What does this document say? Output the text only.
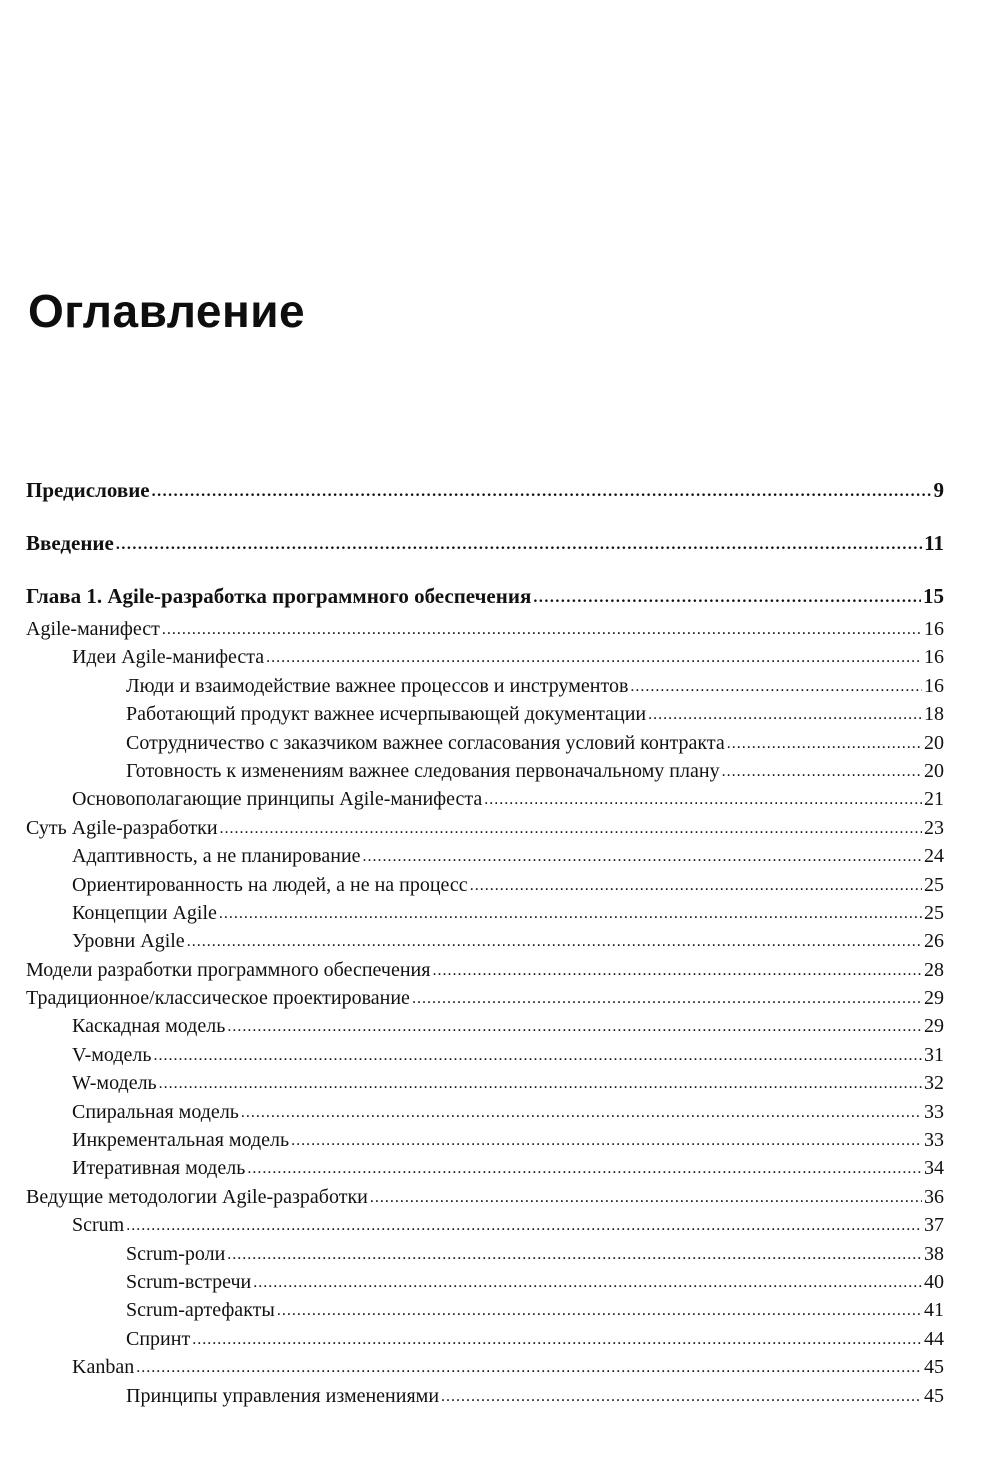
Оглавление
Предисловие .....	9
Введение .....	11
Глава 1. Agile-разработка программного обеспечения .....	15
Agile-манифест .....	16
Идеи Agile-манифеста .....	16
Люди и взаимодействие важнее процессов и инструментов .....	16
Работающий продукт важнее исчерпывающей документации .....	18
Сотрудничество с заказчиком важнее согласования условий контракта .....	20
Готовность к изменениям важнее следования первоначальному плану .....	20
Основополагающие принципы Agile-манифеста .....	21
Суть Agile-разработки .....	23
Адаптивность, а не планирование .....	24
Ориентированность на людей, а не на процесс .....	25
Концепции Agile .....	25
Уровни Agile .....	26
Модели разработки программного обеспечения .....	28
Традиционное/классическое проектирование .....	29
Каскадная модель .....	29
V-модель .....	31
W-модель .....	32
Спиральная модель .....	33
Инкрементальная модель .....	33
Итеративная модель .....	34
Ведущие методологии Agile-разработки .....	36
Scrum .....	37
Scrum-роли .....	38
Scrum-встречи .....	40
Scrum-артефакты .....	41
Спринт .....	44
Kanban .....	45
Принципы управления изменениями .....	45
